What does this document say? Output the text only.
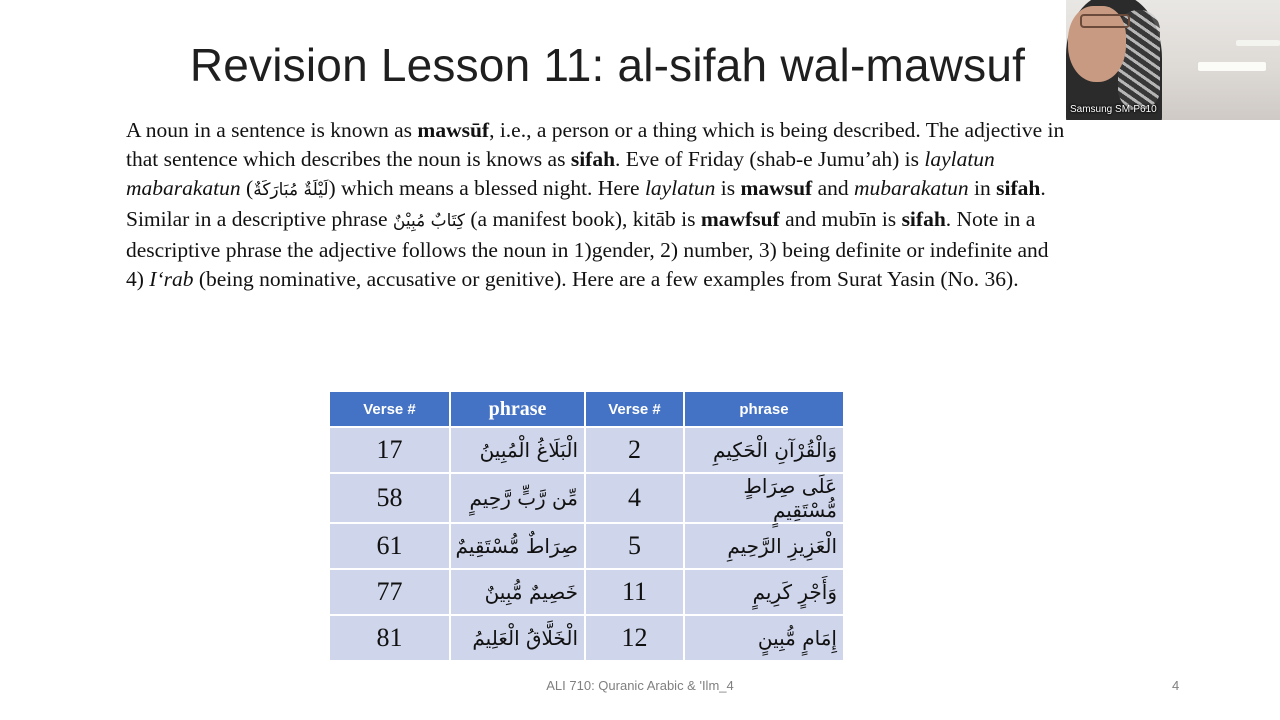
Revision Lesson 11: al-sifah wal-mawsuf
A noun in a sentence is known as mawsūf, i.e., a person or a thing which is being described. The adjective in that sentence which describes the noun is knows as sifah. Eve of Friday (shab-e Jumu’ah) is laylatun mabarakatun (لَيْلَةٌ مُبَارَكَةٌ) which means a blessed night. Here laylatun is mawsuf and mubarakatun in sifah. Similar in a descriptive phrase كِتَابٌ مُبِيْنٌ (a manifest book), kitāb is mawfsuf and mubīn is sifah. Note in a descriptive phrase the adjective follows the noun in 1)gender, 2) number, 3) being definite or indefinite and 4) I‘rab (being nominative, accusative or genitive). Here are a few examples from Surat Yasin (No. 36).
Verse #	phrase	Verse #	phrase
17	الْبَلَاغُ الْمُبِينُ	2	وَالْقُرْآنِ الْحَكِيمِ
58	مِّن رَّبٍّ رَّحِيمٍ	4	عَلَى صِرَاطٍ مُّسْتَقِيمٍ
61	صِرَاطٌ مُّسْتَقِيمٌ	5	الْعَزِيزِ الرَّحِيمِ
77	خَصِيمٌ مُّبِينٌ	11	وَأَجْرٍ كَرِيمٍ
81	الْخَلَّاقُ الْعَلِيمُ	12	إِمَامٍ مُّبِينٍ
ALI 710: Quranic Arabic & 'Ilm_4	4
Samsung SM-P610
